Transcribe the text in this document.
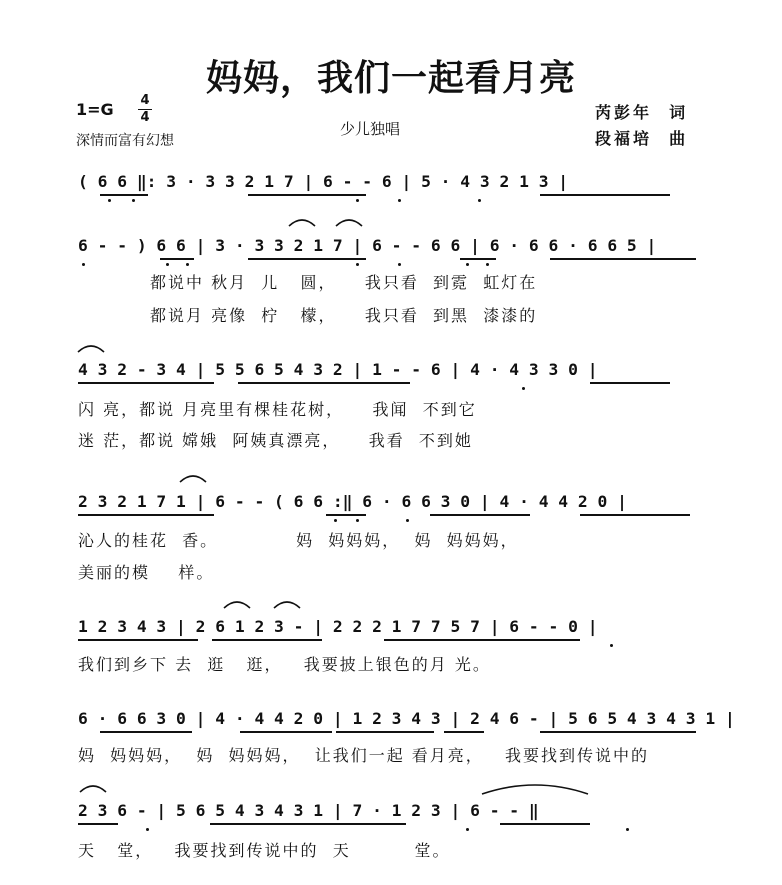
妈妈，我们一起看月亮
1=G 4
4
深情而富有幻想
少儿独唱
芮彭年  词
段福培  曲
( 6 6 ‖: 3 · 3 3 2 1 7 | 6 - - 6 | 5 · 4 3 2 1 3 |
6 - - ) 6 6 | 3 · 3 3 2 1 7 | 6 - - 6 6 | 6 · 6 6 · 6 6 5 |
都说中 秋月  儿   圆，    我只看  到霓  虹灯在
都说月 亮像  柠   檬，    我只看  到黑  漆漆的
4 3 2 - 3 4 | 5 5 6 5 4 3 2 | 1 - - 6 | 4 · 4 3 3 0 |
闪 亮，都说 月亮里有棵桂花树，    我闻  不到它
迷 茫，都说 嫦娥  阿姨真漂亮，    我看  不到她
2 3 2 1 7 1 | 6 - - ( 6 6 :‖ 6 · 6 6 3 0 | 4 · 4 4 2 0 |
沁人的桂花  香。           妈  妈妈妈，  妈  妈妈妈，
美丽的模    样。
1 2 3 4 3 | 2 6 1 2 3 - | 2 2 2 1 7 7 5 7 | 6 - - 0 |
我们到乡下 去  逛   逛，   我要披上银色的月 光。
6 · 6 6 3 0 | 4 · 4 4 2 0 | 1 2 3 4 3 | 2 4 6 - | 5 6 5 4 3 4 3 1 |
妈  妈妈妈，  妈  妈妈妈，  让我们一起 看月亮，   我要找到传说中的
2 3 6 - | 5 6 5 4 3 4 3 1 | 7 · 1 2 3 | 6 - - ‖
天   堂，   我要找到传说中的  天         堂。
